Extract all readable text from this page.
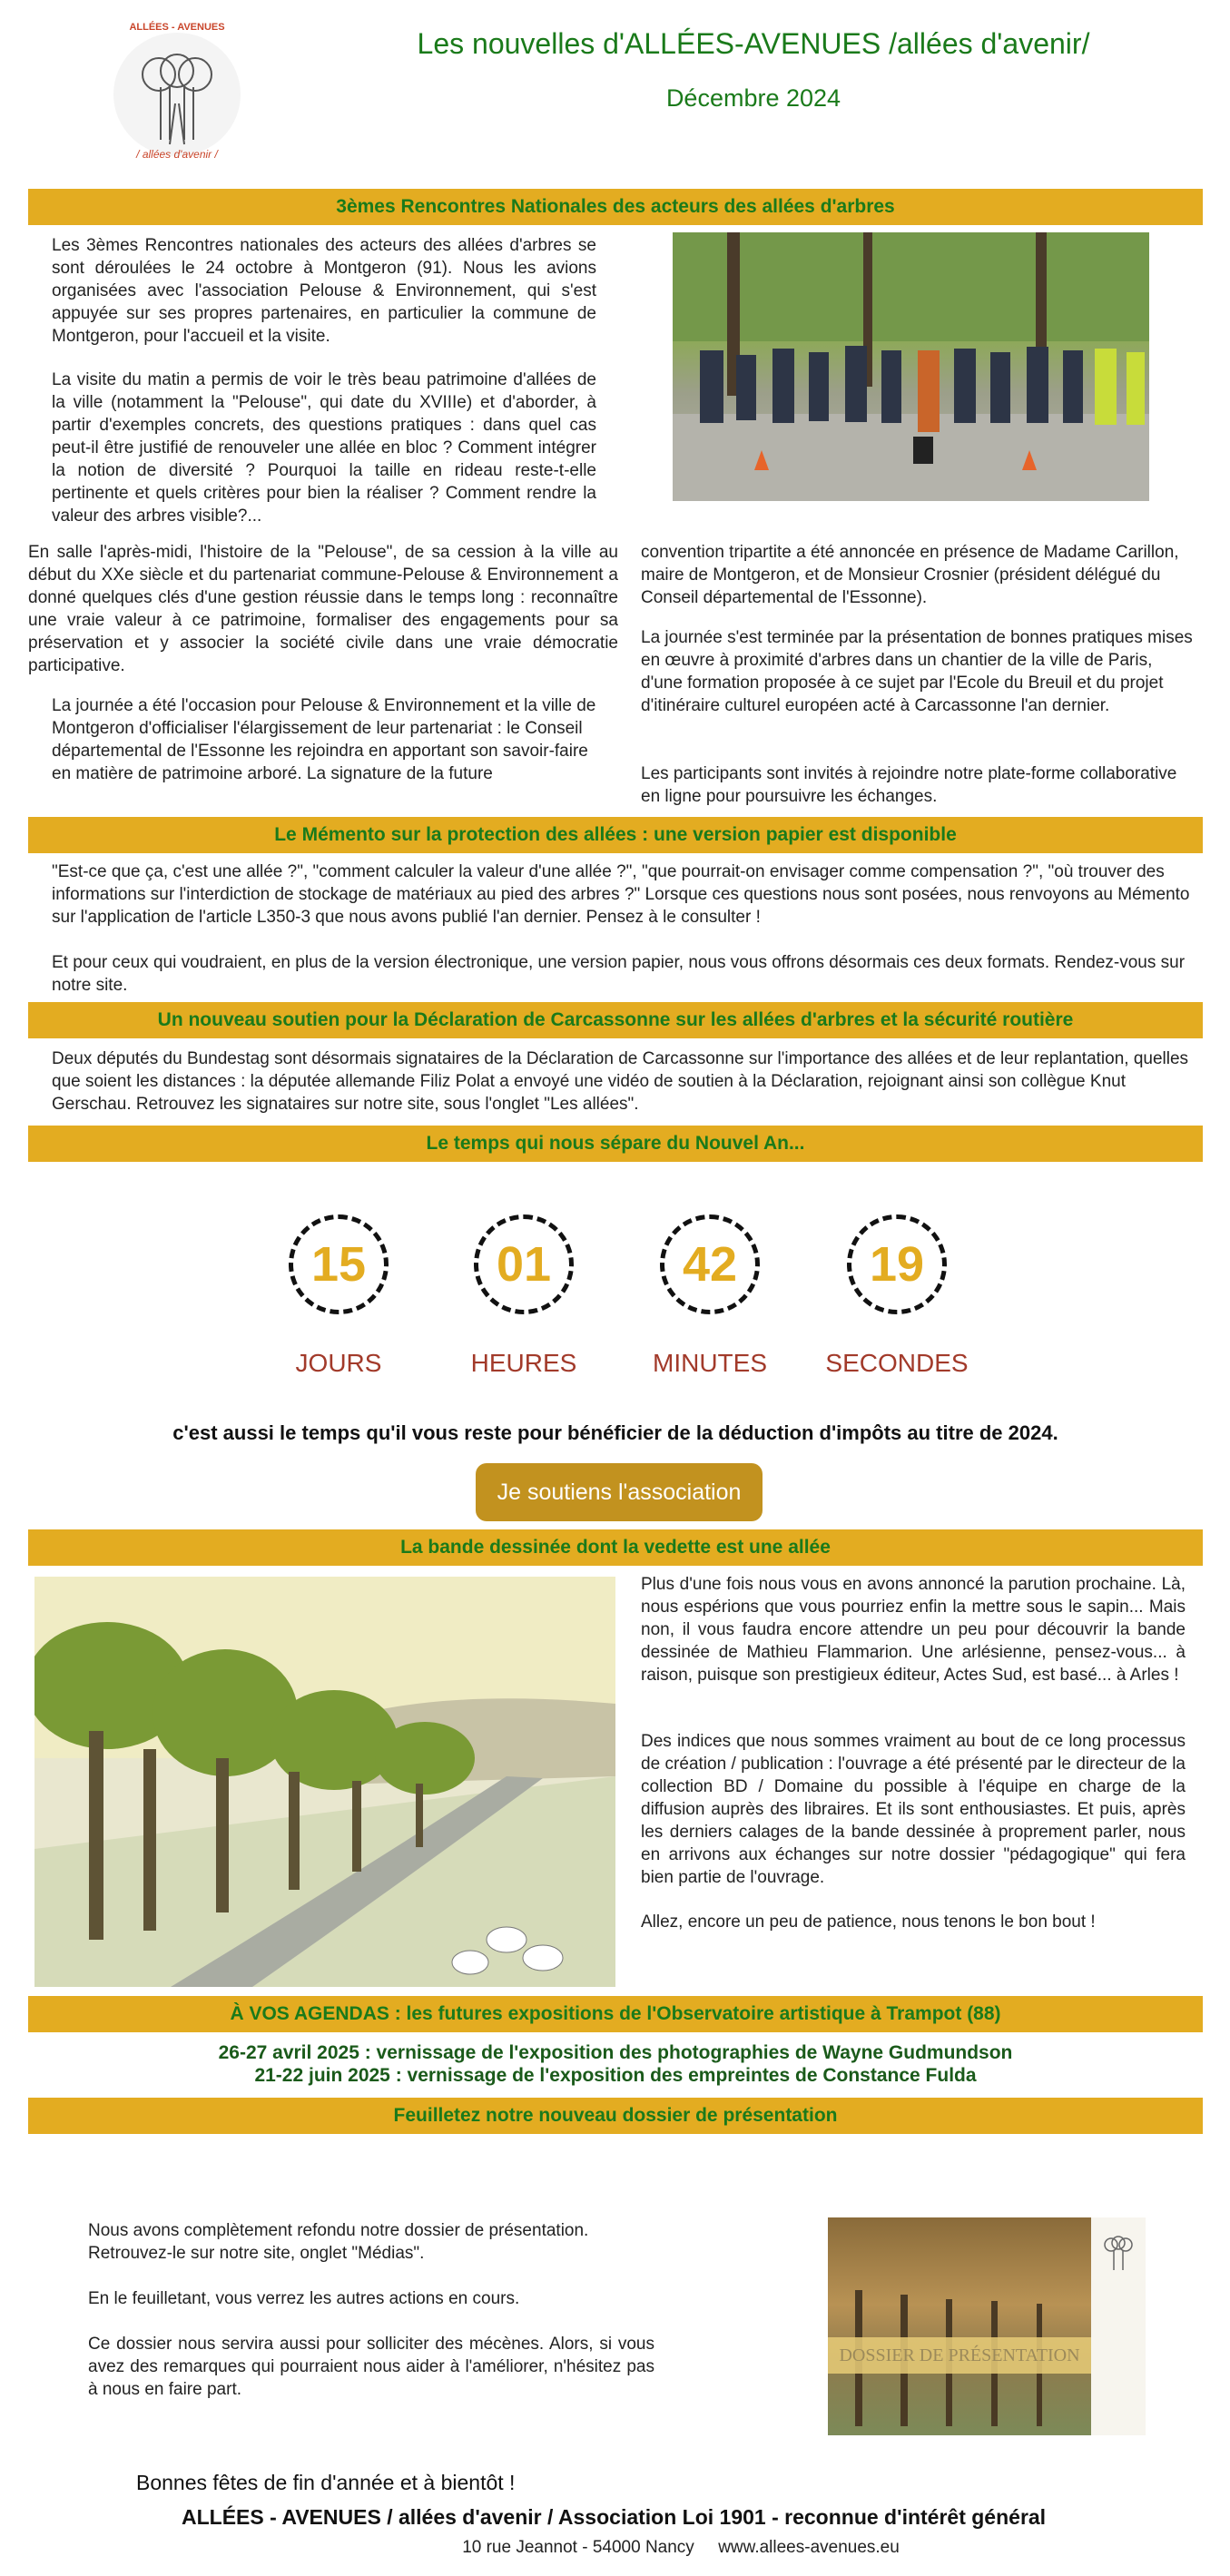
ALLÉES - AVENUES
/ allées d'avenir /
Les nouvelles d'ALLÉES-AVENUES /allées d'avenir/
Décembre 2024
3èmes Rencontres Nationales des acteurs des allées d'arbres
Les 3èmes Rencontres nationales des acteurs des allées d'arbres se sont déroulées le 24 octobre à Montgeron (91). Nous les avions organisées avec l'association Pelouse & Environnement, qui s'est appuyée sur ses propres partenaires, en particulier la commune de Montgeron, pour l'accueil et la visite.
La visite du matin a permis de voir le très beau patrimoine d'allées de la ville (notamment la "Pelouse", qui date du XVIIIe) et d'aborder, à partir d'exemples concrets, des questions pratiques : dans quel cas peut-il être justifié de renouveler une allée en bloc ? Comment intégrer la notion de diversité ? Pourquoi la taille en rideau reste-t-elle pertinente et quels critères pour bien la réaliser ? Comment rendre la valeur des arbres visible?...
En salle l'après-midi, l'histoire de la "Pelouse", de sa cession à la ville au début du XXe siècle et du partenariat commune-Pelouse & Environnement a donné quelques clés d'une gestion réussie dans le temps long : reconnaître une vraie valeur à ce patrimoine, formaliser des engagements pour sa préservation et y associer la société civile dans une vraie démocratie participative.
La journée a été l'occasion pour Pelouse & Environnement et la ville de Montgeron d'officialiser l'élargissement de leur partenariat : le Conseil départemental de l'Essonne les rejoindra en apportant son savoir-faire en matière de patrimoine arboré. La signature de la future
convention tripartite a été annoncée en présence de Madame Carillon, maire de Montgeron, et de Monsieur Crosnier (président délégué du Conseil départemental de l'Essonne).
La journée s'est terminée par la présentation de bonnes pratiques mises en œuvre à proximité d'arbres dans un chantier de la ville de Paris, d'une formation proposée à ce sujet par l'Ecole du Breuil et du projet d'itinéraire culturel européen acté à Carcassonne l'an dernier.
Les participants sont invités à rejoindre notre plate-forme collaborative en ligne pour poursuivre les échanges.
Le Mémento sur la protection des allées : une version papier est disponible
"Est-ce que ça, c'est une allée ?", "comment calculer la valeur d'une allée ?", "que pourrait-on envisager comme compensation ?", "où trouver des informations sur l'interdiction de stockage de matériaux au pied des arbres ?" Lorsque ces questions nous sont posées, nous renvoyons au Mémento sur l'application de l'article L350-3 que nous avons publié l'an dernier. Pensez à le consulter !
Et pour ceux qui voudraient, en plus de la version électronique, une version papier, nous vous offrons désormais ces deux formats. Rendez-vous sur notre site.
Un nouveau soutien pour la Déclaration de Carcassonne sur les allées d'arbres et la sécurité routière
Deux députés du Bundestag sont désormais signataires de la Déclaration de Carcassonne sur l'importance des allées et de leur replantation, quelles que soient les distances : la députée allemande Filiz Polat a envoyé une vidéo de soutien à la Déclaration, rejoignant ainsi son collègue Knut Gerschau. Retrouvez les signataires sur notre site, sous l'onglet "Les allées".
Le temps qui nous sépare du Nouvel An...
15	01	42	19
JOURS	HEURES	MINUTES	SECONDES
c'est aussi le temps qu'il vous reste pour bénéficier de la déduction d'impôts au titre de 2024.
Je soutiens l'association
La bande dessinée dont la vedette est une allée
Plus d'une fois nous vous en avons annoncé la parution prochaine. Là, nous espérions que vous pourriez enfin la mettre sous le sapin... Mais non, il vous faudra encore attendre un peu pour découvrir la bande dessinée de Mathieu Flammarion. Une arlésienne, pensez-vous... à raison, puisque son prestigieux éditeur, Actes Sud, est basé... à Arles !
Des indices que nous sommes vraiment au bout de ce long processus de création / publication : l'ouvrage a été présenté par le directeur de la collection BD / Domaine du possible à l'équipe en charge de la diffusion auprès des libraires. Et ils sont enthousiastes. Et puis, après les derniers calages de la bande dessinée à proprement parler, nous en arrivons aux échanges sur notre dossier "pédagogique" qui fera bien partie de l'ouvrage.
Allez, encore un peu de patience, nous tenons le bon bout !
À VOS AGENDAS : les futures expositions de l'Observatoire artistique à Trampot (88)
26-27 avril 2025 : vernissage de l'exposition des photographies de Wayne Gudmundson
21-22 juin 2025 : vernissage de l'exposition des empreintes de Constance Fulda
Feuilletez notre nouveau dossier de présentation
Nous avons complètement refondu notre dossier de présentation. Retrouvez-le sur notre site, onglet "Médias".
En le feuilletant, vous verrez les autres actions en cours.
Ce dossier nous servira aussi pour solliciter des mécènes. Alors, si vous avez des remarques qui pourraient nous aider à l'améliorer, n'hésitez pas à nous en faire part.
DOSSIER DE PRÉSENTATION
Bonnes fêtes de fin d'année et à bientôt !
ALLÉES - AVENUES / allées d'avenir / Association Loi 1901 - reconnue d'intérêt général
10 rue Jeannot - 54000 Nancy     www.allees-avenues.eu
